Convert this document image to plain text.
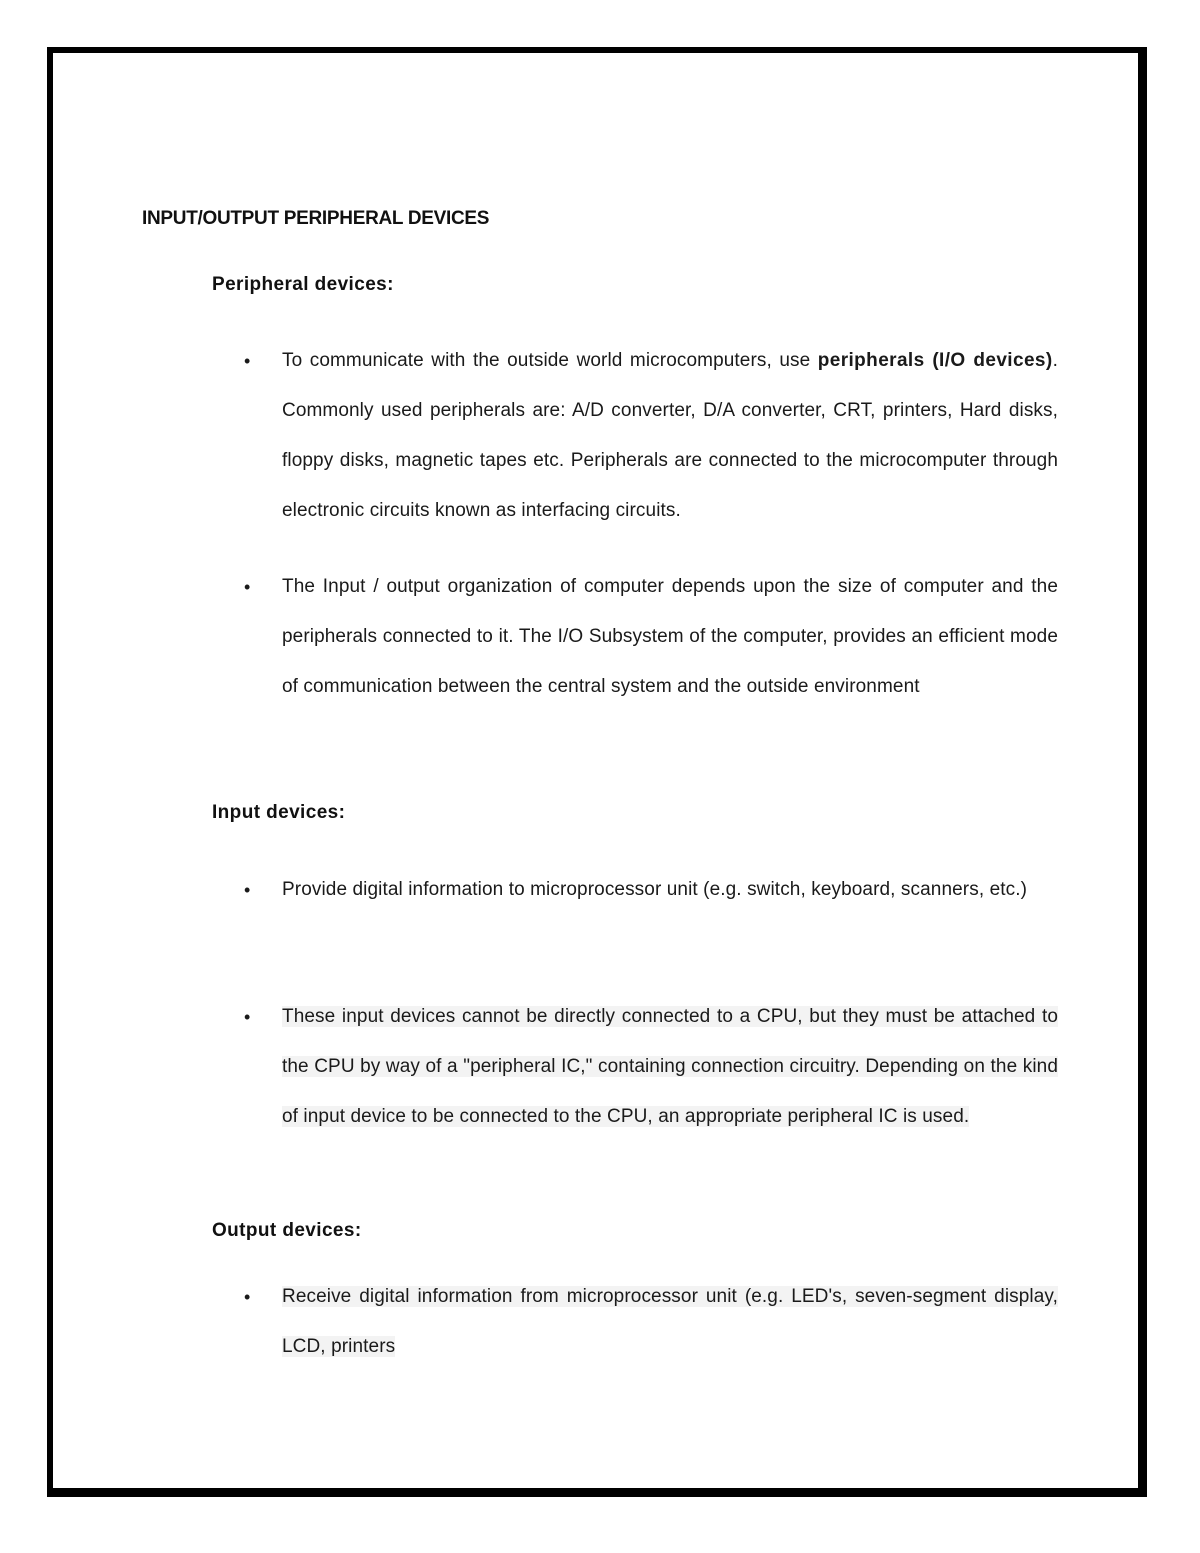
INPUT/OUTPUT PERIPHERAL DEVICES
Peripheral devices:
• To communicate with the outside world microcomputers, use peripherals (I/O devices). Commonly used peripherals are: A/D converter, D/A converter, CRT, printers, Hard disks, floppy disks, magnetic tapes etc. Peripherals are connected to the microcomputer through electronic circuits known as interfacing circuits.
• The Input / output organization of computer depends upon the size of computer and the peripherals connected to it. The I/O Subsystem of the computer, provides an efficient mode of communication between the central system and the outside environment
Input devices:
• Provide digital information to microprocessor unit (e.g. switch, keyboard, scanners, etc.)
• These input devices cannot be directly connected to a CPU, but they must be attached to the CPU by way of a "peripheral IC," containing connection circuitry. Depending on the kind of input device to be connected to the CPU, an appropriate peripheral IC is used.
Output devices:
• Receive digital information from microprocessor unit (e.g. LED's, seven-segment display, LCD, printers
